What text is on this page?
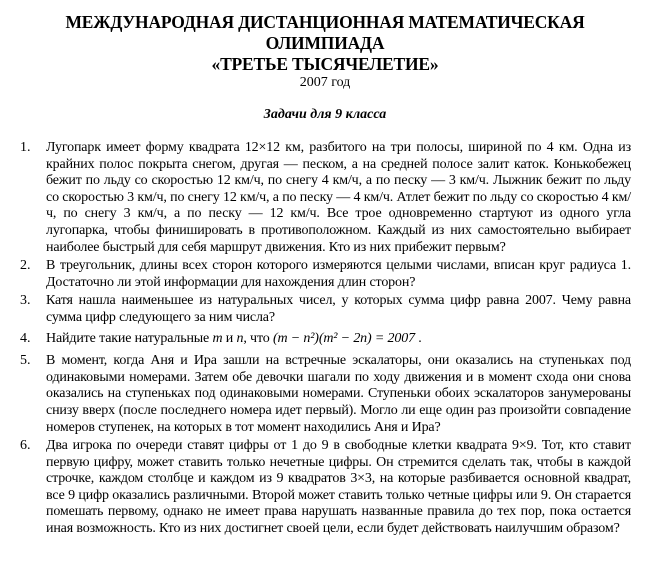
МЕЖДУНАРОДНАЯ ДИСТАНЦИОННАЯ МАТЕМАТИЧЕСКАЯ
ОЛИМПИАДА
«ТРЕТЬЕ ТЫСЯЧЕЛЕТИЕ»
2007 год
Задачи для 9 класса
1. Лугопарк имеет форму квадрата 12×12 км, разбитого на три полосы, шириной по 4 км. Одна из крайних полос покрыта снегом, другая — песком, а на средней полосе залит каток. Конькобежец бежит по льду со скоростью 12 км/ч, по снегу 4 км/ч, а по песку — 3 км/ч. Лыжник бежит по льду со скоростью 3 км/ч, по снегу 12 км/ч, а по песку — 4 км/ч. Атлет бежит по льду со скоростью 4 км/ч, по снегу 3 км/ч, а по песку — 12 км/ч. Все трое одновременно стартуют из одного угла лугопарка, чтобы финишировать в противоположном. Каждый из них самостоятельно выбирает наиболее быстрый для себя маршрут движения. Кто из них прибежит первым?
2. В треугольник, длины всех сторон которого измеряются целыми числами, вписан круг радиуса 1. Достаточно ли этой информации для нахождения длин сторон?
3. Катя нашла наименьшее из натуральных чисел, у которых сумма цифр равна 2007. Чему равна сумма цифр следующего за ним числа?
4. Найдите такие натуральные m и n, что (m − n²)(m² − 2n) = 2007 .
5. В момент, когда Аня и Ира зашли на встречные эскалаторы, они оказались на ступеньках под одинаковыми номерами. Затем обе девочки шагали по ходу движения и в момент схода они снова оказались на ступеньках под одинаковыми номерами. Ступеньки обоих эскалаторов занумерованы снизу вверх (после последнего номера идет первый). Могло ли еще один раз произойти совпадение номеров ступенек, на которых в тот момент находились Аня и Ира?
6. Два игрока по очереди ставят цифры от 1 до 9 в свободные клетки квадрата 9×9. Тот, кто ставит первую цифру, может ставить только нечетные цифры. Он стремится сделать так, чтобы в каждой строчке, каждом столбце и каждом из 9 квадратов 3×3, на которые разбивается основной квадрат, все 9 цифр оказались различными. Второй может ставить только четные цифры или 9. Он старается помешать первому, однако не имеет права нарушать названные правила до тех пор, пока остается иная возможность. Кто из них достигнет своей цели, если будет действовать наилучшим образом?
